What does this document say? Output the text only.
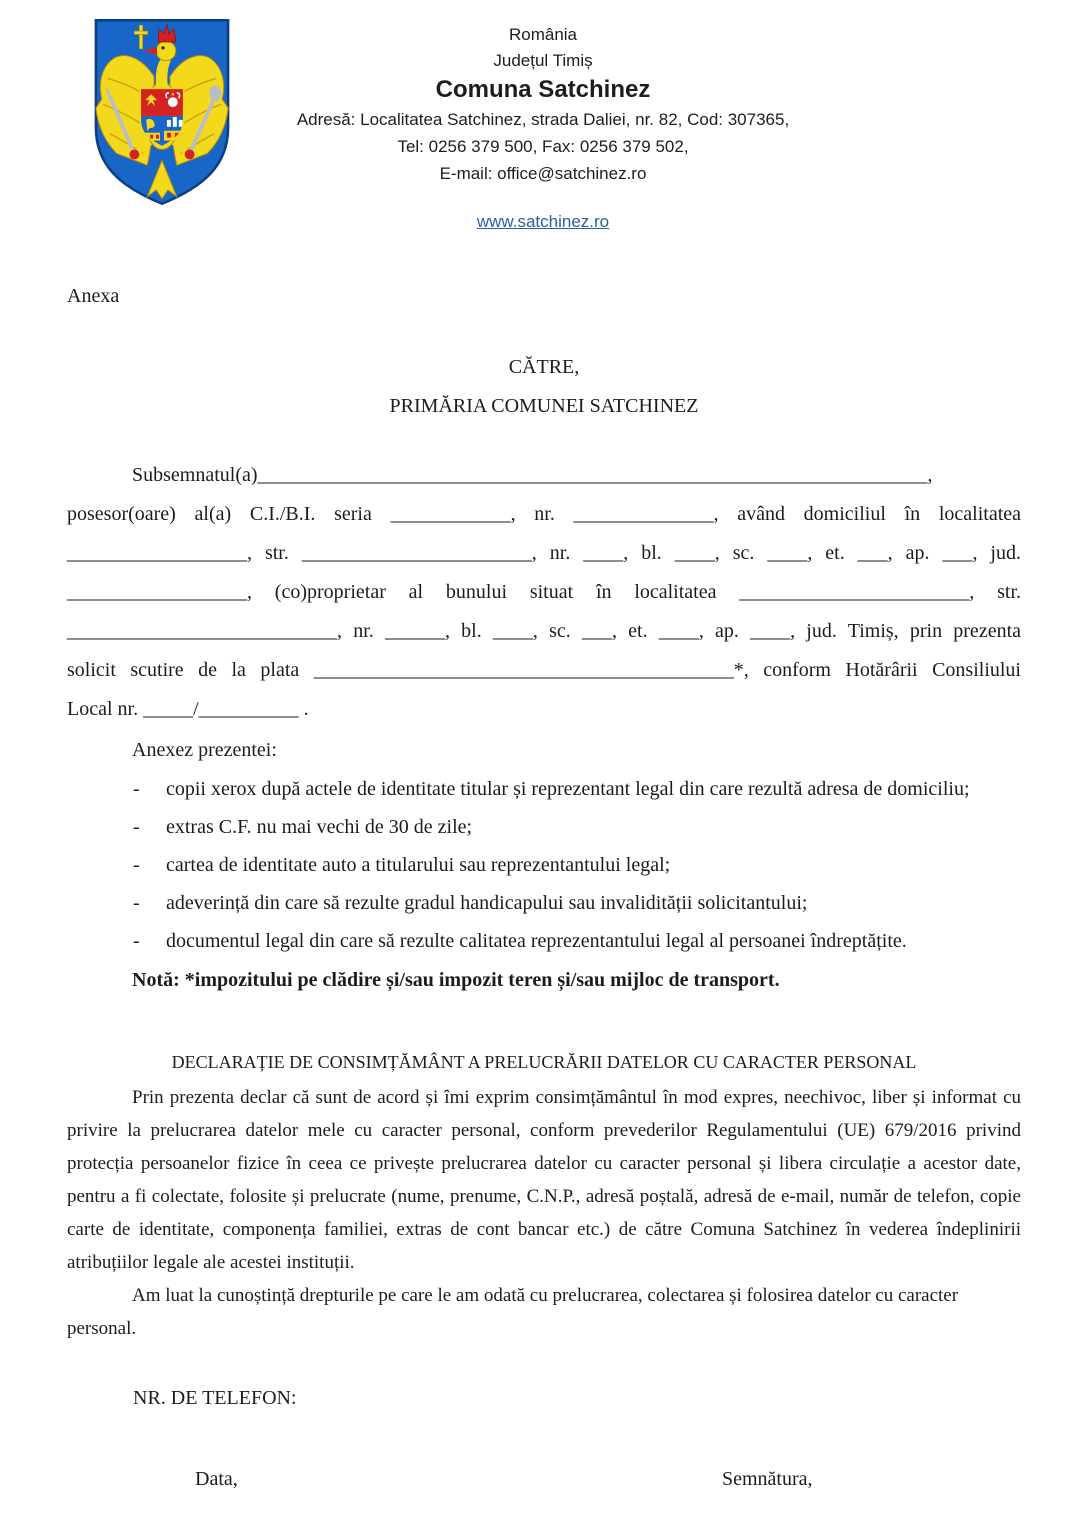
România
Județul Timiș
Comuna Satchinez
Adresă: Localitatea Satchinez, strada Daliei, nr. 82, Cod: 307365,
Tel: 0256 379 500, Fax: 0256 379 502,
E-mail: office@satchinez.ro
www.satchinez.ro
Anexa
CĂTRE,
PRIMĂRIA COMUNEI SATCHINEZ
Subsemnatul(a)___________________________________________________________________,
posesor(oare) al(a) C.I./B.I. seria ____________, nr. ______________, având domiciliul în localitatea
__________________, str. _______________________, nr. ____, bl. ____, sc. ____, et. ___, ap. ___, jud.
__________________, (co)proprietar al bunului situat în localitatea _______________________, str.
___________________________, nr. ______, bl. ____, sc. ___, et. ____, ap. ____, jud. Timiș, prin prezenta
solicit scutire de la plata __________________________________________*, conform Hotărârii Consiliului
Local nr. _____/__________ .
Anexez prezentei:
-	copii xerox după actele de identitate titular și reprezentant legal din care rezultă adresa de domiciliu;
-	extras C.F. nu mai vechi de 30 de zile;
-	cartea de identitate auto a titularului sau reprezentantului legal;
-	adeverință din care să rezulte gradul handicapului sau invalidității solicitantului;
-	documentul legal din care să rezulte calitatea reprezentantului legal al persoanei îndreptățite.
Notă: *impozitului pe clădire și/sau impozit teren și/sau mijloc de transport.
DECLARAȚIE DE CONSIMȚĂMÂNT A PRELUCRĂRII DATELOR CU CARACTER PERSONAL
Prin prezenta declar că sunt de acord și îmi exprim consimțământul în mod expres, neechivoc, liber și informat cu privire la prelucrarea datelor mele cu caracter personal, conform prevederilor Regulamentului (UE) 679/2016 privind protecția persoanelor fizice în ceea ce privește prelucrarea datelor cu caracter personal și libera circulație a acestor date, pentru a fi colectate, folosite și prelucrate (nume, prenume, C.N.P., adresă poștală, adresă de e-mail, număr de telefon, copie carte de identitate, componența familiei, extras de cont bancar etc.) de către Comuna Satchinez în vederea îndeplinirii atribuțiilor legale ale acestei instituții.
Am luat la cunoștință drepturile pe care le am odată cu prelucrarea, colectarea și folosirea datelor cu caracter personal.
NR. DE TELEFON:
Data,	Semnătura,
